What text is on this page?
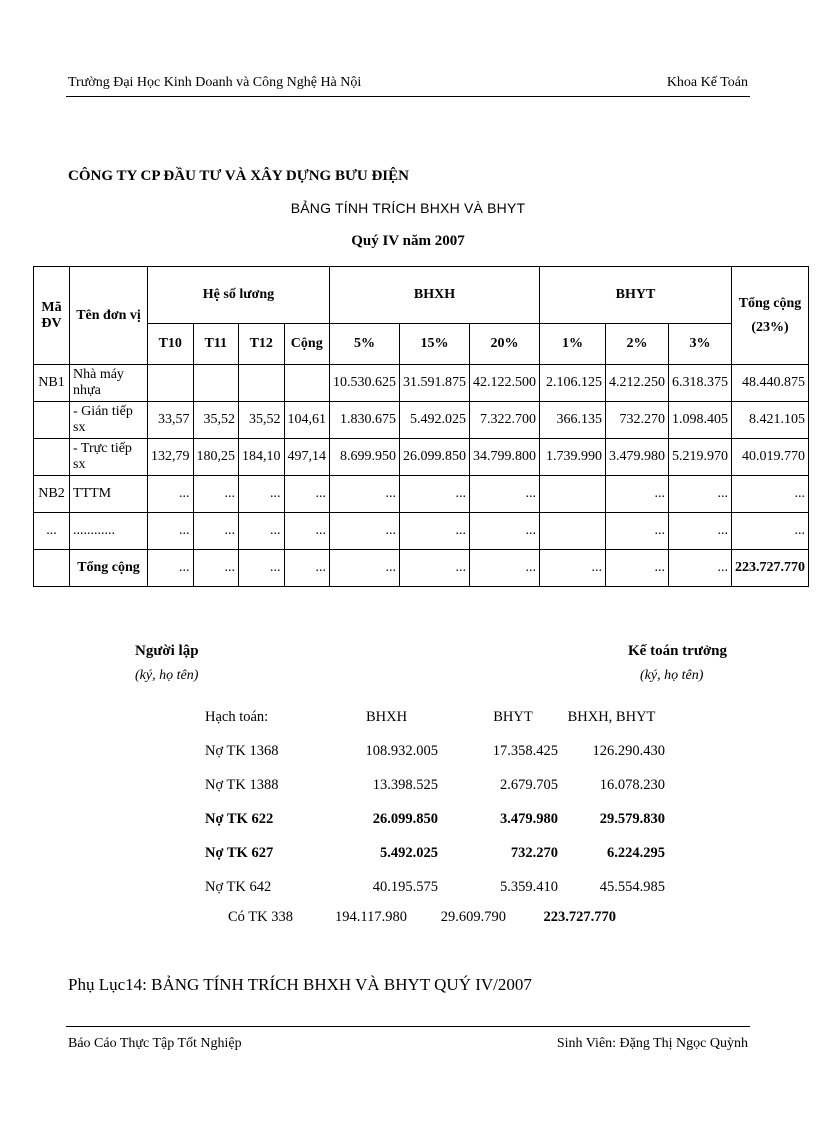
Trường Đại Học Kinh Doanh và Công Nghệ Hà Nội	Khoa Kế Toán
CÔNG TY CP ĐẦU TƯ VÀ XÂY DỰNG BƯU ĐIỆN
BẢNG TÍNH TRÍCH BHXH VÀ BHYT
Quý IV năm 2007
Mã ĐV	Tên đơn vị	Hệ số lương				BHXH			BHYT			Tổng cộng
(23%)

		T10	T11	T12	Cộng	5%	15%	20%	1%	2%	3%	
NB1	Nhà máy nhựa					10.530.625	31.591.875	42.122.500	2.106.125	4.212.250	6.318.375	48.440.875
	- Gián tiếp sx	33,57	35,52	35,52	104,61	1.830.675	5.492.025	7.322.700	366.135	732.270	1.098.405	8.421.105
	- Trực tiếp sx	132,79	180,25	184,10	497,14	8.699.950	26.099.850	34.799.800	1.739.990	3.479.980	5.219.970	40.019.770
NB2	TTTM	...	...	...	...	...	...	...		...	...	...
...	............	...	...	...	...	...	...	...		...	...	...
	Tổng cộng	...	...	...	...	...	...	...	...	...	...	223.727.770
Người lập
(ký, họ tên)
Kế toán trưởng
(ký, họ tên)
Hạch toán:	BHXH	BHYT	BHXH, BHYT
Nợ TK 1368	108.932.005	17.358.425	126.290.430
Nợ TK 1388	13.398.525	2.679.705	16.078.230
Nợ TK 622	26.099.850	3.479.980	29.579.830
Nợ TK 627	5.492.025	732.270	6.224.295
Nợ TK 642	40.195.575	5.359.410	45.554.985
Có TK 338	194.117.980	29.609.790	223.727.770
Phụ Lục14: BẢNG TÍNH TRÍCH BHXH VÀ BHYT QUÝ IV/2007
Báo Cáo Thực Tập Tốt Nghiệp	Sinh Viên: Đặng Thị Ngọc Quỳnh
